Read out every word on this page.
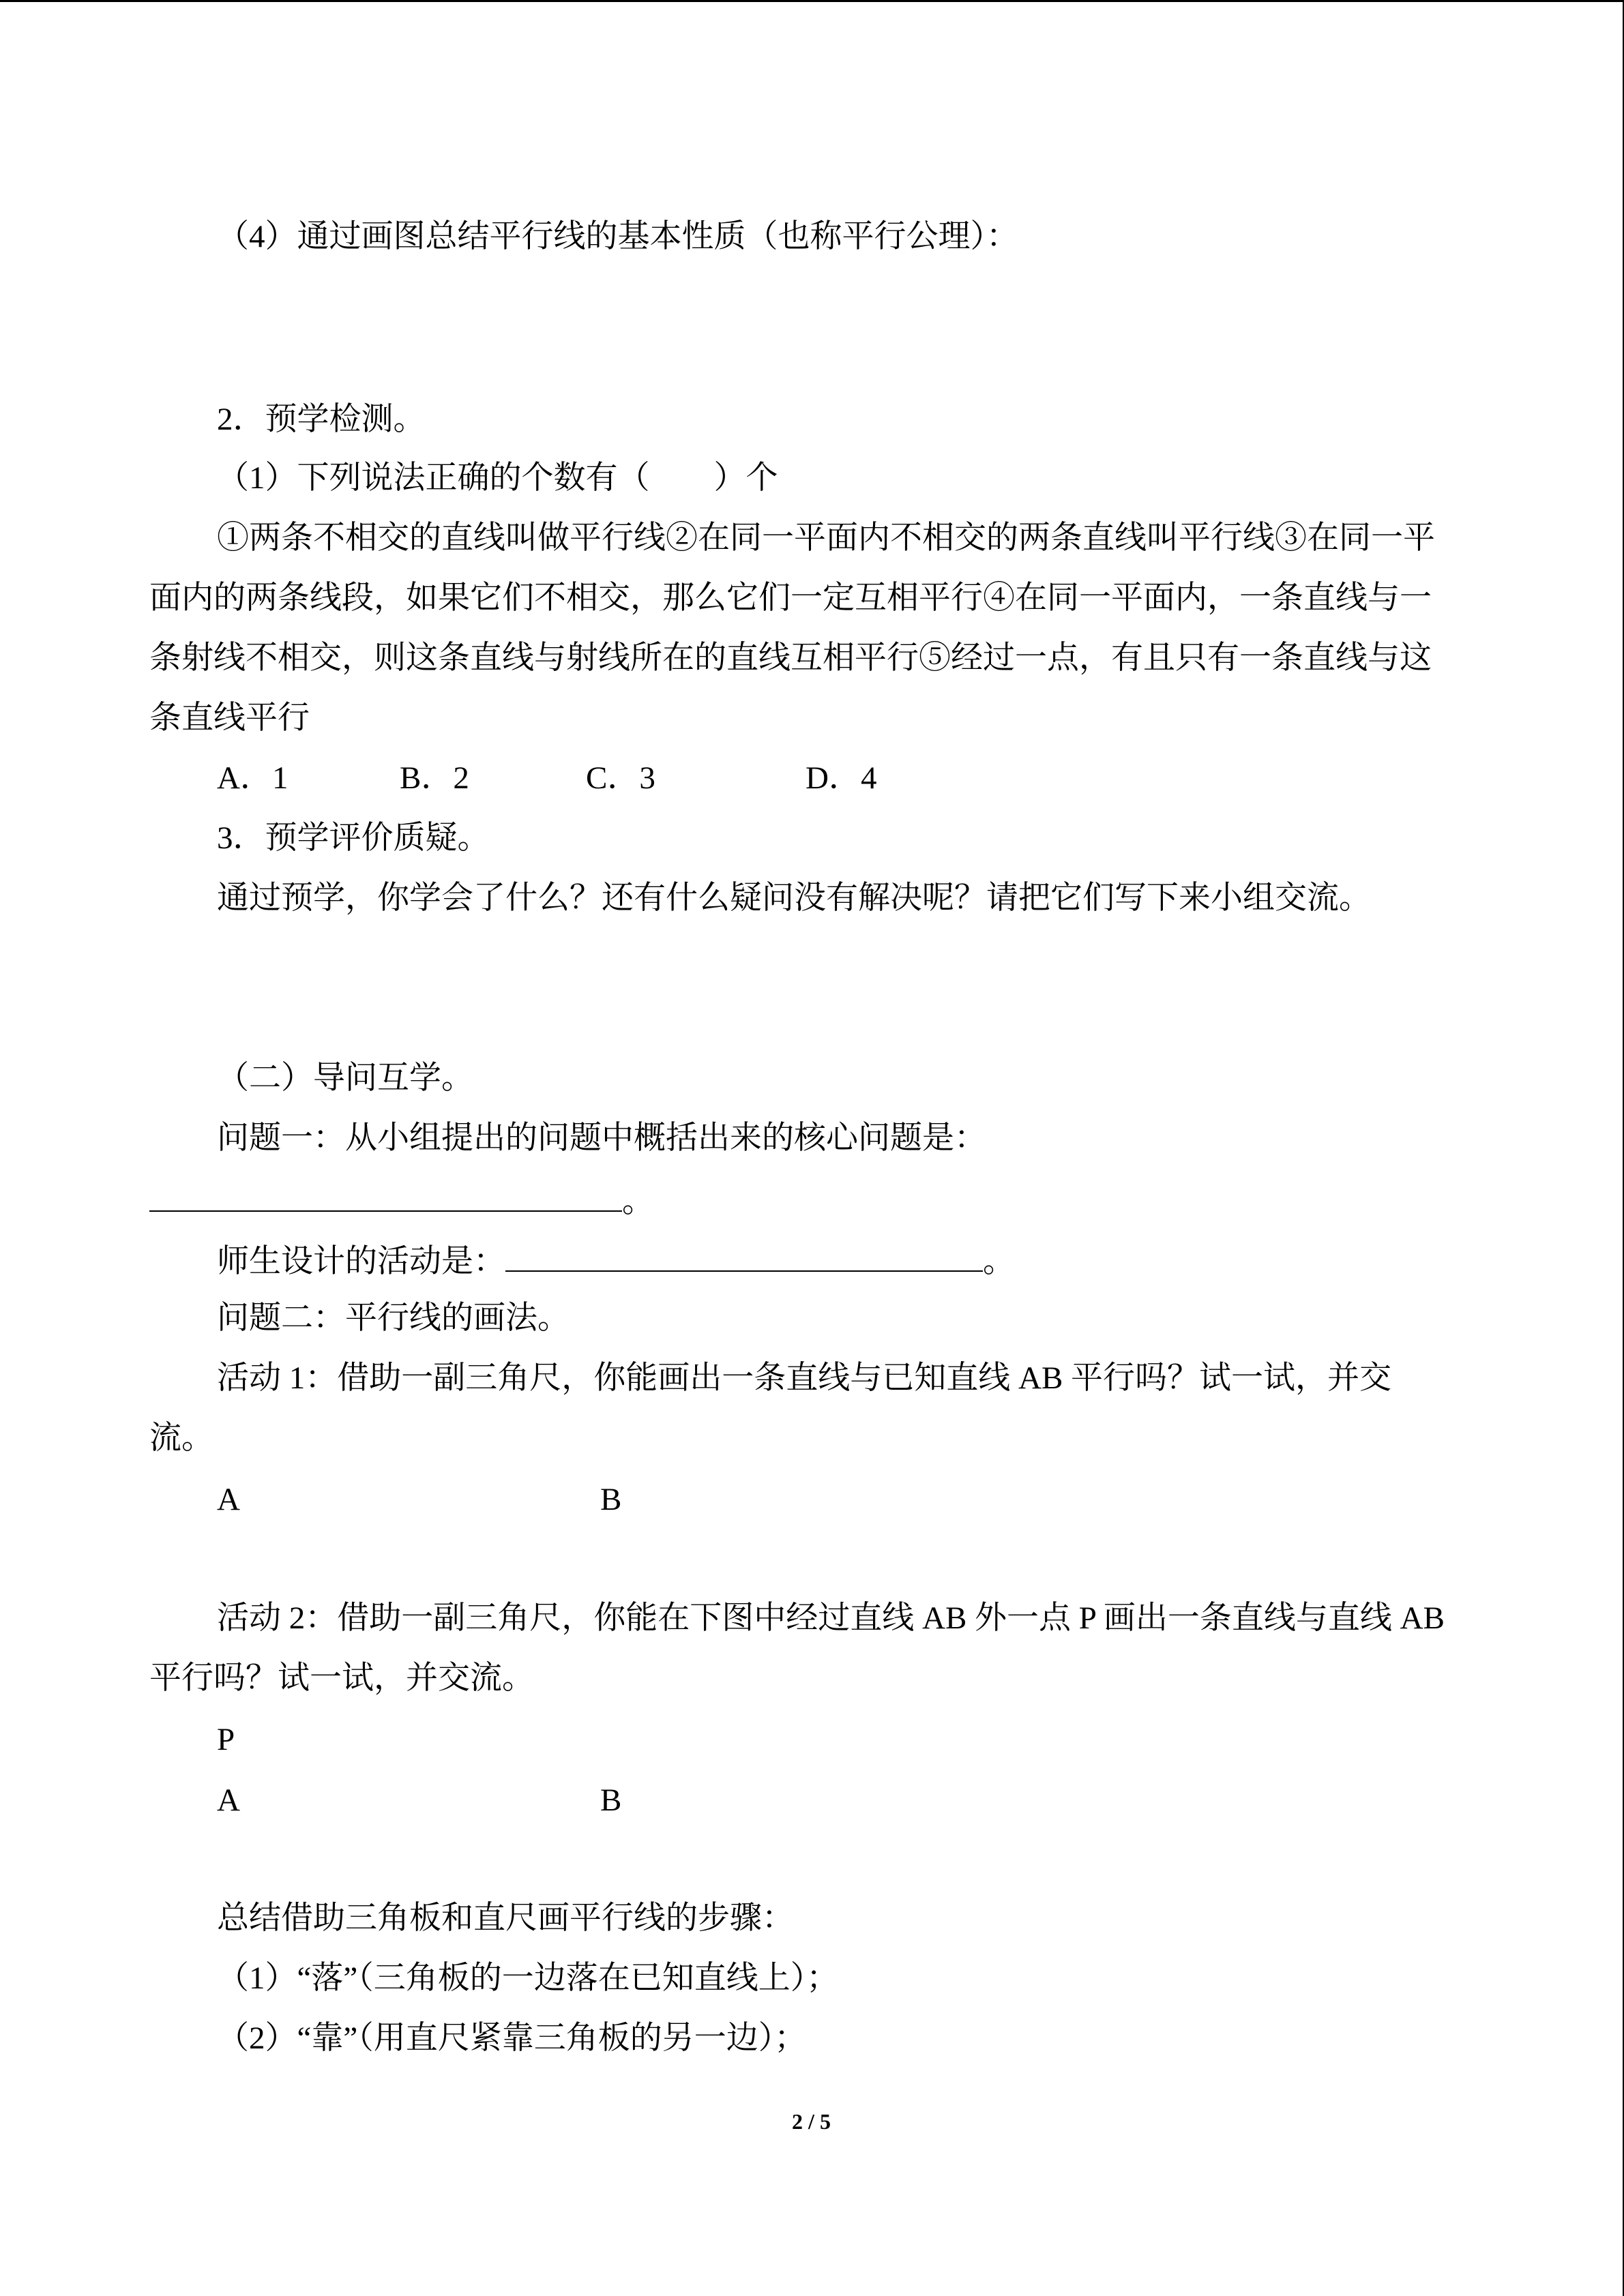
（4）通过画图总结平行线的基本性质（也称平行公理）：
2．预学检测。
（1）下列说法正确的个数有（　　）个
①两条不相交的直线叫做平行线②在同一平面内不相交的两条直线叫平行线③在同一平
面内的两条线段，如果它们不相交，那么它们一定互相平行④在同一平面内，一条直线与一
条射线不相交，则这条直线与射线所在的直线互相平行⑤经过一点，有且只有一条直线与这
条直线平行
A．1	B．2	C．3	D．4
3．预学评价质疑。
通过预学，你学会了什么？还有什么疑问没有解决呢？请把它们写下来小组交流。
（二）导问互学。
问题一：从小组提出的问题中概括出来的核心问题是：
。
师生设计的活动是：	。
问题二：平行线的画法。
活动 1：借助一副三角尺，你能画出一条直线与已知直线 AB 平行吗？试一试，并交
流。
A	B
活动 2：借助一副三角尺，你能在下图中经过直线 AB 外一点 P 画出一条直线与直线 AB
平行吗？试一试，并交流。
P
A	B
总结借助三角板和直尺画平行线的步骤：
（1）“落”（三角板的一边落在已知直线上）；
（2）“靠”（用直尺紧靠三角板的另一边）；
2 / 5
